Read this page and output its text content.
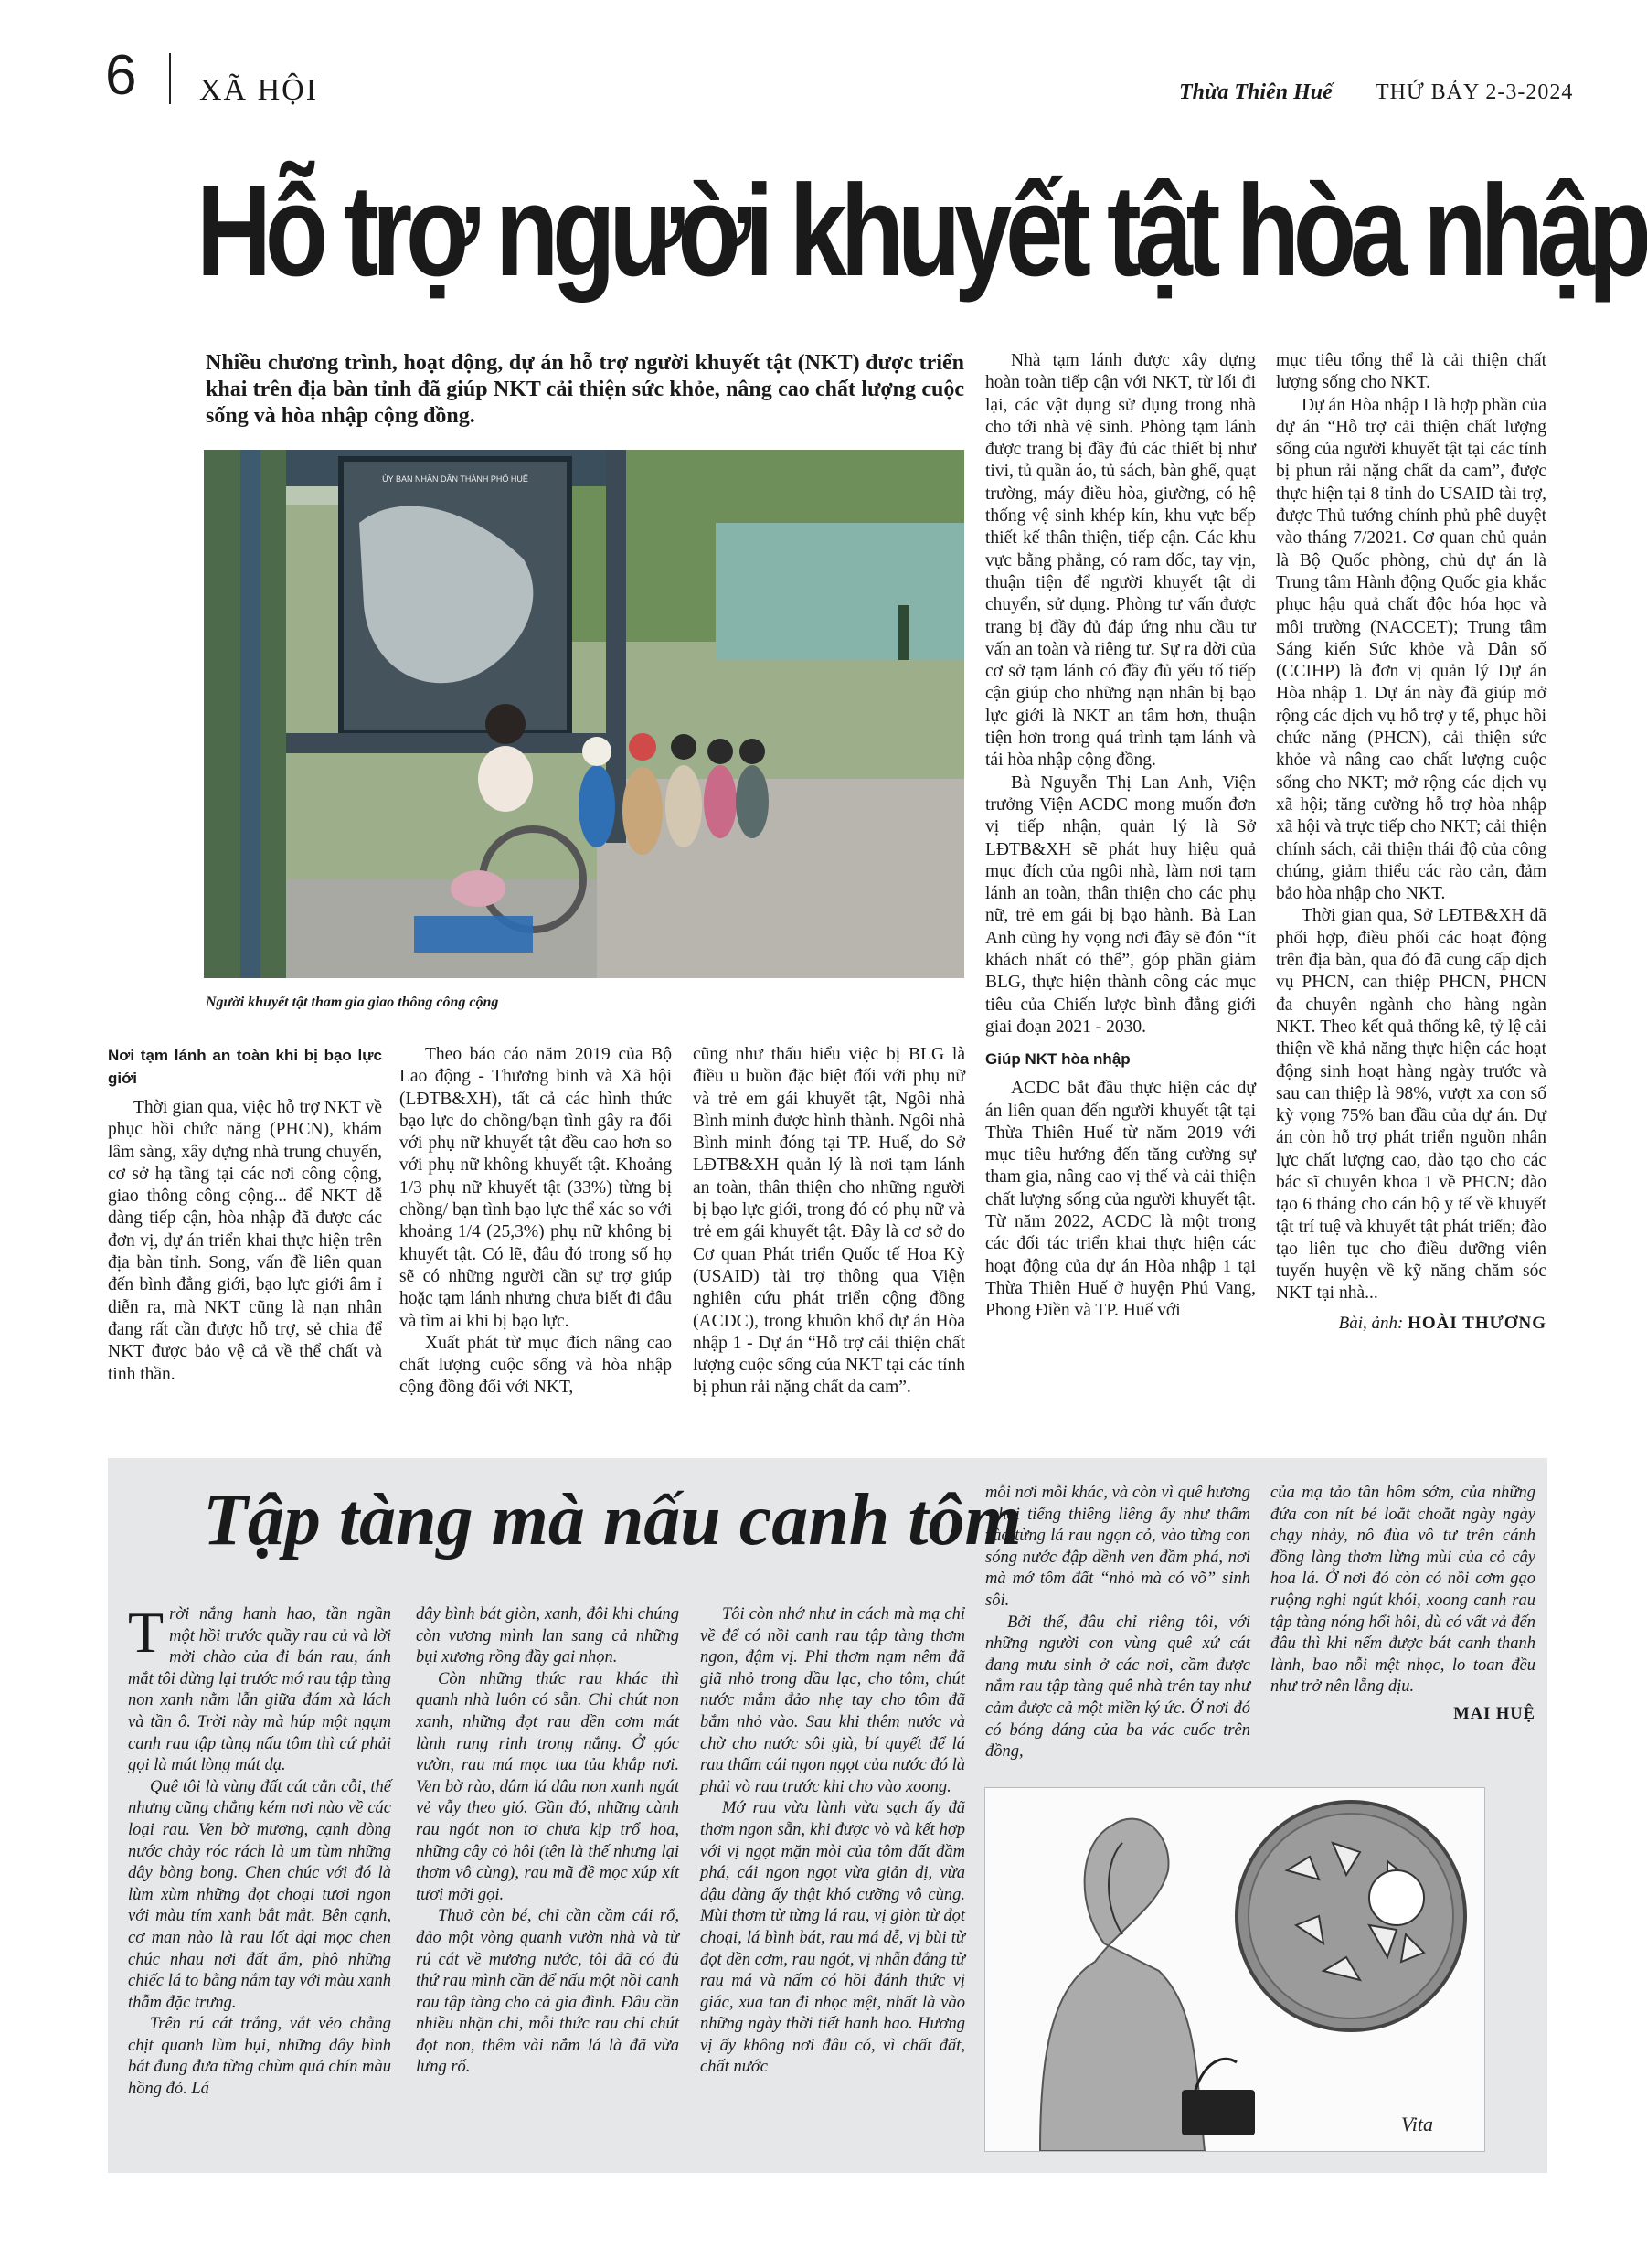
6 XÃ HỘI	Thừa Thiên Huế THỨ BẢY 2-3-2024
Hỗ trợ người khuyết tật hòa nhập
Nhiều chương trình, hoạt động, dự án hỗ trợ người khuyết tật (NKT) được triển khai trên địa bàn tỉnh đã giúp NKT cải thiện sức khỏe, nâng cao chất lượng cuộc sống và hòa nhập cộng đồng.
ỦY BAN NHÂN DÂN THÀNH PHỐ HUẾ
Người khuyết tật tham gia giao thông công cộng

Nơi tạm lánh an toàn khi bị bạo lực giới

Thời gian qua, việc hỗ trợ NKT về phục hồi chức năng (PHCN), khám lâm sàng, xây dựng nhà trung chuyển, cơ sở hạ tầng tại các nơi công cộng, giao thông công cộng... để NKT dễ dàng tiếp cận, hòa nhập đã được các đơn vị, dự án triển khai thực hiện trên địa bàn tỉnh. Song, vấn đề liên quan đến bình đẳng giới, bạo lực giới âm ỉ diễn ra, mà NKT cũng là nạn nhân đang rất cần được hỗ trợ, sẻ chia để NKT được bảo vệ cả về thể chất và tinh thần.

Theo báo cáo năm 2019 của Bộ Lao động - Thương binh và Xã hội (LĐTB&XH), tất cả các hình thức bạo lực do chồng/bạn tình gây ra đối với phụ nữ khuyết tật đều cao hơn so với phụ nữ không khuyết tật. Khoảng 1/3 phụ nữ khuyết tật (33%) từng bị chồng/ bạn tình bạo lực thể xác so với khoảng 1/4 (25,3%) phụ nữ không bị khuyết tật. Có lẽ, đâu đó trong số họ sẽ có những người cần sự trợ giúp hoặc tạm lánh nhưng chưa biết đi đâu và tìm ai khi bị bạo lực.

Xuất phát từ mục đích nâng cao chất lượng cuộc sống và hòa nhập cộng đồng đối với NKT,

cũng như thấu hiểu việc bị BLG là điều u buồn đặc biệt đối với phụ nữ và trẻ em gái khuyết tật, Ngôi nhà Bình minh được hình thành. Ngôi nhà Bình minh đóng tại TP. Huế, do Sở LĐTB&XH quản lý là nơi tạm lánh an toàn, thân thiện cho những người bị bạo lực giới, trong đó có phụ nữ và trẻ em gái khuyết tật. Đây là cơ sở do Cơ quan Phát triển Quốc tế Hoa Kỳ (USAID) tài trợ thông qua Viện nghiên cứu phát triển cộng đồng (ACDC), trong khuôn khổ dự án Hòa nhập 1 - Dự án “Hỗ trợ cải thiện chất lượng cuộc sống của NKT tại các tỉnh bị phun rải nặng chất da cam”.

Nhà tạm lánh được xây dựng hoàn toàn tiếp cận với NKT, từ lối đi lại, các vật dụng sử dụng trong nhà cho tới nhà vệ sinh. Phòng tạm lánh được trang bị đầy đủ các thiết bị như tivi, tủ quần áo, tủ sách, bàn ghế, quạt trường, máy điều hòa, giường, có hệ thống vệ sinh khép kín, khu vực bếp thiết kế thân thiện, tiếp cận. Các khu vực bằng phẳng, có ram dốc, tay vịn, thuận tiện để người khuyết tật di chuyển, sử dụng. Phòng tư vấn được trang bị đầy đủ đáp ứng nhu cầu tư vấn an toàn và riêng tư. Sự ra đời của cơ sở tạm lánh có đầy đủ yếu tố tiếp cận giúp cho những nạn nhân bị bạo lực giới là NKT an tâm hơn, thuận tiện hơn trong quá trình tạm lánh và tái hòa nhập cộng đồng.

Bà Nguyễn Thị Lan Anh, Viện trưởng Viện ACDC mong muốn đơn vị tiếp nhận, quản lý là Sở LĐTB&XH sẽ phát huy hiệu quả mục đích của ngôi nhà, làm nơi tạm lánh an toàn, thân thiện cho các phụ nữ, trẻ em gái bị bạo hành. Bà Lan Anh cũng hy vọng nơi đây sẽ đón “ít khách nhất có thể”, góp phần giảm BLG, thực hiện thành công các mục tiêu của Chiến lược bình đẳng giới giai đoạn 2021 - 2030.

Giúp NKT hòa nhập

ACDC bắt đầu thực hiện các dự án liên quan đến người khuyết tật tại Thừa Thiên Huế từ năm 2019 với mục tiêu hướng đến tăng cường sự tham gia, nâng cao vị thế và cải thiện chất lượng sống của người khuyết tật. Từ năm 2022, ACDC là một trong các đối tác triển khai thực hiện các hoạt động của dự án Hòa nhập 1 tại Thừa Thiên Huế ở huyện Phú Vang, Phong Điền và TP. Huế với

mục tiêu tổng thể là cải thiện chất lượng sống cho NKT.

Dự án Hòa nhập I là hợp phần của dự án “Hỗ trợ cải thiện chất lượng sống của người khuyết tật tại các tỉnh bị phun rải nặng chất da cam”, được thực hiện tại 8 tỉnh do USAID tài trợ, được Thủ tướng chính phủ phê duyệt vào tháng 7/2021. Cơ quan chủ quản là Bộ Quốc phòng, chủ dự án là Trung tâm Hành động Quốc gia khắc phục hậu quả chất độc hóa học và môi trường (NACCET); Trung tâm Sáng kiến Sức khỏe và Dân số (CCIHP) là đơn vị quản lý Dự án Hòa nhập 1. Dự án này đã giúp mở rộng các dịch vụ hỗ trợ y tế, phục hồi chức năng (PHCN), cải thiện sức khỏe và nâng cao chất lượng cuộc sống cho NKT; mở rộng các dịch vụ xã hội; tăng cường hỗ trợ hòa nhập xã hội và trực tiếp cho NKT; cải thiện chính sách, cải thiện thái độ của công chúng, giảm thiểu các rào cản, đảm bảo hòa nhập cho NKT.

Thời gian qua, Sở LĐTB&XH đã phối hợp, điều phối các hoạt động trên địa bàn, qua đó đã cung cấp dịch vụ PHCN, can thiệp PHCN, PHCN đa chuyên ngành cho hàng ngàn NKT. Theo kết quả thống kê, tỷ lệ cải thiện về khả năng thực hiện các hoạt động sinh hoạt hàng ngày trước và sau can thiệp là 98%, vượt xa con số kỳ vọng 75% ban đầu của dự án. Dự án còn hỗ trợ phát triển nguồn nhân lực chất lượng cao, đào tạo cho các bác sĩ chuyên khoa 1 về PHCN; đào tạo 6 tháng cho cán bộ y tế về khuyết tật trí tuệ và khuyết tật phát triển; đào tạo liên tục cho điều dưỡng viên tuyến huyện về kỹ năng chăm sóc NKT tại nhà...

Bài, ảnh: HOÀI THƯƠNG

Tập tàng mà nấu canh tôm

Trời nắng hanh hao, tần ngần một hồi trước quầy rau củ và lời mời chào của đi bán rau, ánh mắt tôi dừng lại trước mớ rau tập tàng non xanh nằm lẫn giữa đám xà lách và tần ô. Trời này mà húp một ngụm canh rau tập tàng nấu tôm thì cứ phải gọi là mát lòng mát dạ.

Quê tôi là vùng đất cát cằn cỗi, thế nhưng cũng chẳng kém nơi nào về các loại rau. Ven bờ mương, cạnh dòng nước chảy róc rách là um tùm những dây bòng bong. Chen chúc với đó là lùm xùm những đọt choại tươi ngon với màu tím xanh bắt mắt. Bên cạnh, cơ man nào là rau lốt dại mọc chen chúc nhau nơi đất ẩm, phô những chiếc lá to bằng nắm tay với màu xanh thẫm đặc trưng.

Trên rú cát trắng, vắt vẻo chằng chịt quanh lùm bụi, những dây bình bát đung đưa từng chùm quả chín màu hồng đỏ. Lá

dây bình bát giòn, xanh, đôi khi chúng còn vương mình lan sang cả những bụi xương rồng đầy gai nhọn.

Còn những thức rau khác thì quanh nhà luôn có sẵn. Chỉ chút non xanh, những đọt rau dền cơm mát lành rung rinh trong nắng. Ở góc vườn, rau má mọc tua tủa khắp nơi. Ven bờ rào, dâm lá dâu non xanh ngát vẻ vẫy theo gió. Gần đó, những cành rau ngót non tơ chưa kịp trổ hoa, những cây cỏ hôi (tên là thế nhưng lại thơm vô cùng), rau mã đề mọc xúp xít tươi mởi gọi.

Thuở còn bé, chỉ cần cầm cái rổ, đảo một vòng quanh vườn nhà và từ rú cát về mương nước, tôi đã có đủ thứ rau mình cần để nấu một nồi canh rau tập tàng cho cả gia đình. Đâu cần nhiều nhặn chi, mỗi thức rau chỉ chút đọt non, thêm vài nắm lá là đã vừa lưng rổ.

Tôi còn nhớ như in cách mà mạ chỉ về để có nồi canh rau tập tàng thơm ngon, đậm vị. Phi thơm nạm nêm đã giã nhỏ trong dầu lạc, cho tôm, chút nước mắm đảo nhẹ tay cho tôm đã bắm nhỏ vào. Sau khi thêm nước và chờ cho nước sôi già, bí quyết để lá rau thấm cái ngon ngọt của nước đó là phải vò rau trước khi cho vào xoong.

Mớ rau vừa lành vừa sạch ấy đã thơm ngon sẵn, khi được vò và kết hợp với vị ngọt mặn mòi của tôm đất đầm phá, cái ngon ngọt vừa giản dị, vừa dậu dàng ấy thật khó cưỡng vô cùng. Mùi thơm từ từng lá rau, vị giòn từ đọt choại, lá bình bát, rau má dễ, vị bùi từ đọt dền cơm, rau ngót, vị nhẫn đắng từ rau má và nấm có hồi đánh thức vị giác, xua tan đi nhọc mệt, nhất là vào những ngày thời tiết hanh hao. Hương vị ấy không nơi đâu có, vì chất đất, chất nước

mỗi nơi mỗi khác, và còn vì quê hương - hai tiếng thiêng liêng ấy như thấm vào từng lá rau ngọn cỏ, vào từng con sóng nước đập dềnh ven đầm phá, nơi mà mớ tôm đất “nhỏ mà có võ” sinh sôi.

Bởi thế, đâu chỉ riêng tôi, với những người con vùng quê xứ cát đang mưu sinh ở các nơi, cầm được nắm rau tập tàng quê nhà trên tay như cảm được cả một miền ký ức. Ở nơi đó có bóng dáng của ba vác cuốc trên đồng,

của mạ tảo tần hôm sớm, của những đứa con nít bé loắt choắt ngày ngày chạy nhảy, nô đùa vô tư trên cánh đồng làng thơm lừng mùi của cỏ cây hoa lá. Ở nơi đó còn có nồi cơm gạo ruộng nghi ngút khói, xoong canh rau tập tàng nóng hổi hôi, dù có vất vả đến đâu thì khi nếm được bát canh thanh lành, bao nỗi mệt nhọc, lo toan đều như trở nên lẵng dịu.

MAI HUỆ

Vita
